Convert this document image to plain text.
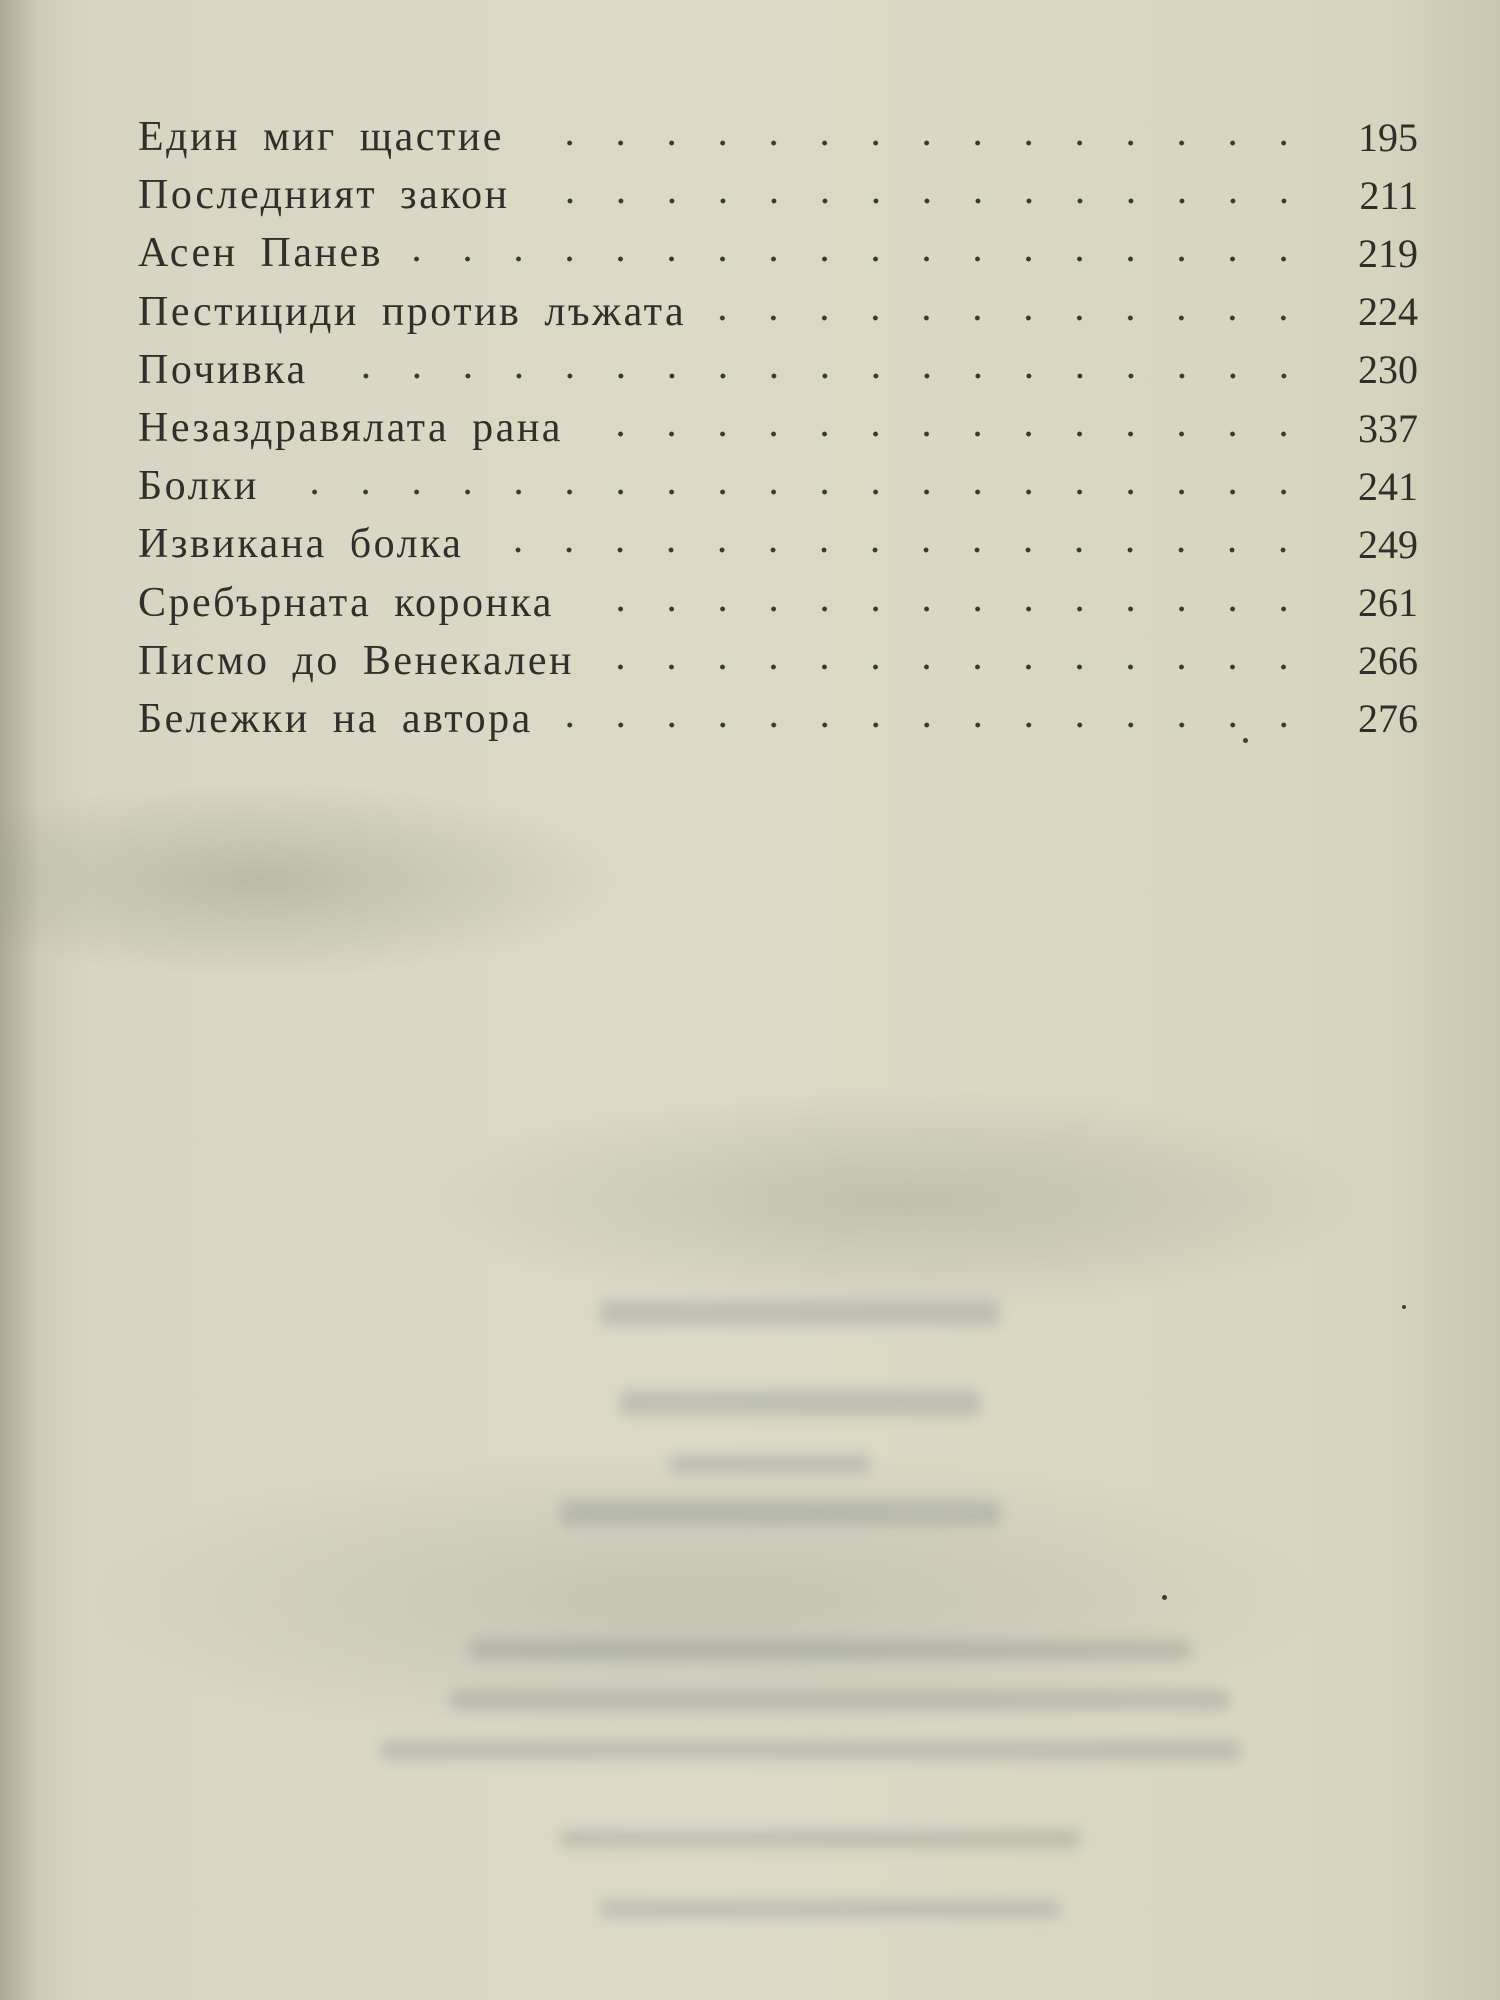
Един миг щастие	195
Последният закон	211
Асен Панев	219
Пестициди против лъжата	224
Почивка	230
Незаздравялата рана	337
Болки	241
Извикана болка	249
Сребърната коронка	261
Писмо до Венекален	266
Бележки на автора	276
